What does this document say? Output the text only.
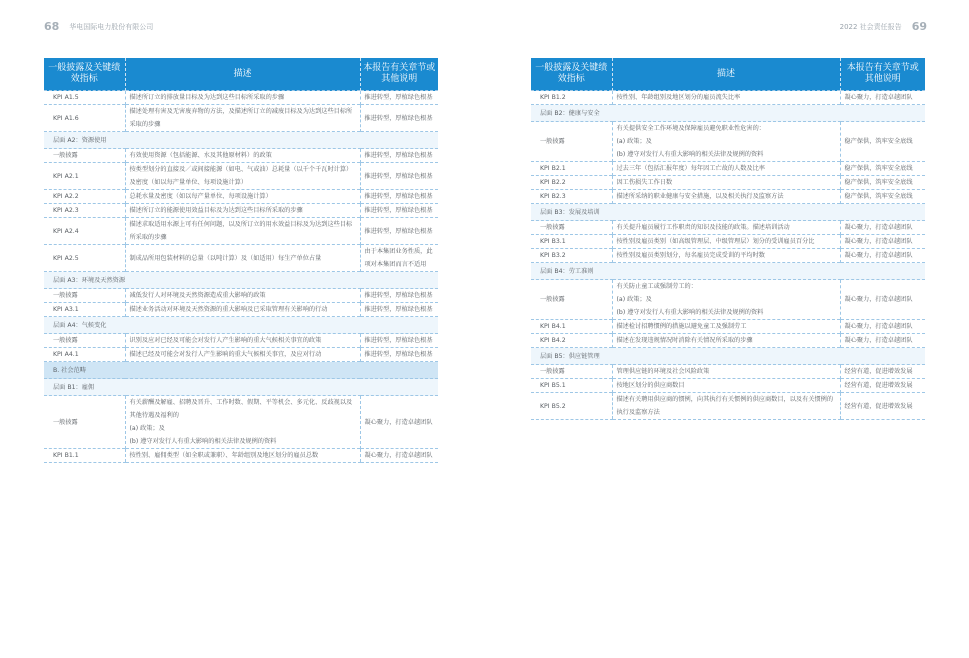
68 华电国际电力股份有限公司	2022 社会责任报告 69
一般披露及关键绩效指标	描述	本报告有关章节或其他说明
KPI A1.5	描述所订立的排放量目标及为达到这些目标所采取的步骤	推进转型，厚植绿色根基
KPI A1.6	描述处理有害及无害废弃物的方法，及描述所订立的减废目标及为达到这些目标所采取的步骤	推进转型，厚植绿色根基
层面 A2：资源使用		
一般披露	有效使用资源（包括能源、水及其他原材料）的政策	推进转型，厚植绿色根基
KPI A2.1	按类型划分的直接及／或间接能源（如电、气或油）总耗量（以千个千瓦时计算）及密度（如以每产量单位、每项设施计算）	推进转型，厚植绿色根基
KPI A2.2	总耗水量及密度（如以每产量单位、每项设施计算）	推进转型，厚植绿色根基
KPI A2.3	描述所订立的能源使用效益目标及为达到这些目标所采取的步骤	推进转型，厚植绿色根基
KPI A2.4	描述求取适用水源上可有任何问题，以及所订立的用水效益目标及为达到这些目标所采取的步骤	推进转型，厚植绿色根基
KPI A2.5	制成品所用包装材料的总量（以吨计算）及（如适用）每生产单位占量	由于本集团业务性质，此项对本集团而言不适用
层面 A3：环境及天然资源		
一般披露	减低发行人对环境及天然资源造成重大影响的政策	推进转型，厚植绿色根基
KPI A3.1	描述业务活动对环境及天然资源的重大影响及已采取管理有关影响的行动	推进转型，厚植绿色根基
层面 A4：气候变化		
一般披露	识别及应对已经及可能会对发行人产生影响的重大气候相关事宜的政策	推进转型，厚植绿色根基
KPI A4.1	描述已经及可能会对发行人产生影响的重大气候相关事宜，及应对行动	推进转型，厚植绿色根基
B. 社会范畴		
层面 B1：雇佣		
一般披露	有关薪酬及解雇、招聘及晋升、工作时数、假期、平等机会、多元化、反歧视以及其他待遇及福利的
(a) 政策；及
(b) 遵守对发行人有重大影响的相关法律及规例的资料	凝心聚力，打造卓越团队
KPI B1.1	按性别、雇佣类型（如全职或兼职）、年龄组别及地区划分的雇员总数	凝心聚力，打造卓越团队
一般披露及关键绩效指标	描述	本报告有关章节或其他说明
KPI B1.2	按性别、年龄组别及地区划分的雇员流失比率	凝心聚力，打造卓越团队
层面 B2：健康与安全		
一般披露	有关提供安全工作环境及保障雇员避免职业性危害的：
(a) 政策；及
(b) 遵守对发行人有重大影响的相关法律及规例的资料	稳产保供，筑牢安全底线
KPI B2.1	过去三年（包括汇报年度）每年因工亡故的人数及比率	稳产保供，筑牢安全底线
KPI B2.2	因工伤损失工作日数	稳产保供，筑牢安全底线
KPI B2.3	描述所采纳的职业健康与安全措施，以及相关执行及监察方法	稳产保供，筑牢安全底线
层面 B3：发展及培训		
一般披露	有关提升雇员履行工作职责的知识及技能的政策。描述培训活动	凝心聚力，打造卓越团队
KPI B3.1	按性别及雇员类别（如高级管理层、中级管理层）划分的受训雇员百分比	凝心聚力，打造卓越团队
KPI B3.2	按性别及雇员类别划分，每名雇员完成受训的平均时数	凝心聚力，打造卓越团队
层面 B4：劳工准则		
一般披露	有关防止童工或强制劳工的：
(a) 政策；及
(b) 遵守对发行人有重大影响的相关法律及规例的资料	凝心聚力，打造卓越团队
KPI B4.1	描述检讨招聘惯例的措施以避免童工及强制劳工	凝心聚力，打造卓越团队
KPI B4.2	描述在发现违规情况时消除有关情况所采取的步骤	凝心聚力，打造卓越团队
层面 B5：供应链管理		
一般披露	管理供应链的环境及社会风险政策	经营有道，促进增效发展
KPI B5.1	按地区划分的供应商数目	经营有道，促进增效发展
KPI B5.2	描述有关聘用供应商的惯例，向其执行有关惯例的供应商数目，以及有关惯例的执行及监察方法	经营有道，促进增效发展
